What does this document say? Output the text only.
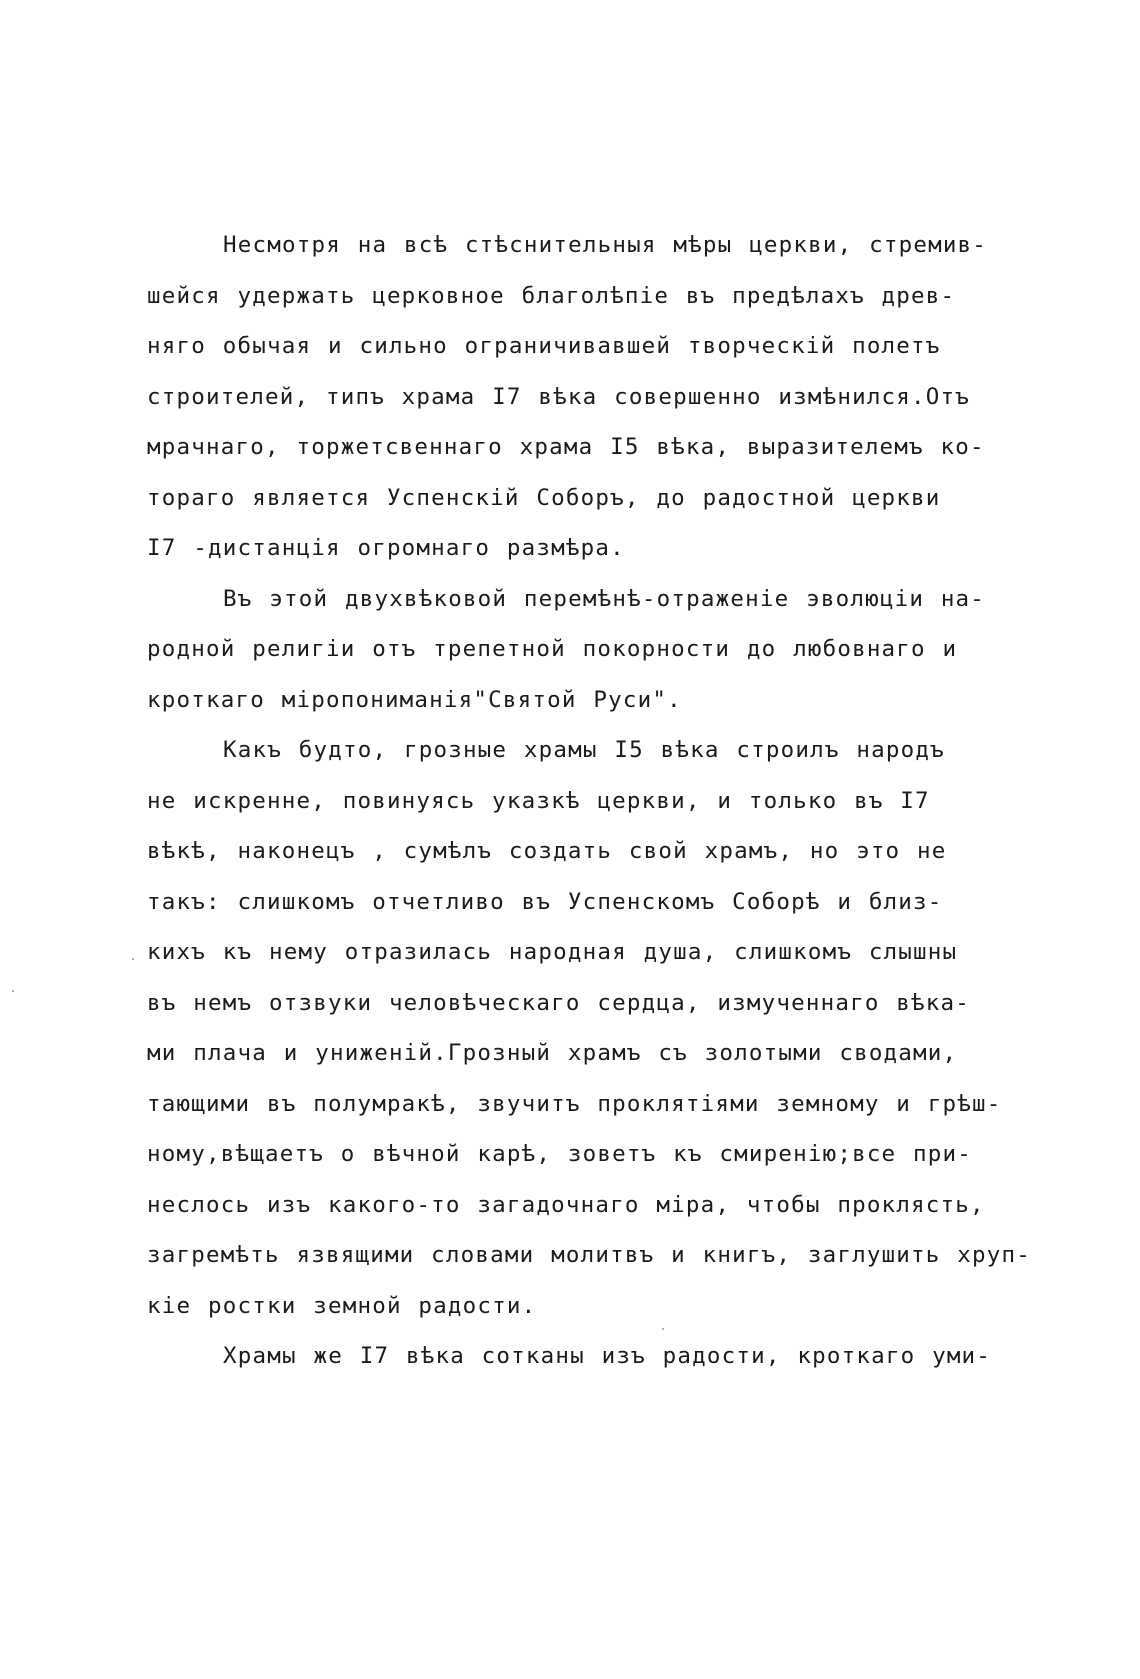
Несмотря на всѣ стѣснительныя мѣры церкви, стремив-
шейся удержать церковное благолѣпіе въ предѣлахъ древ-
няго обычая и сильно ограничивавшей творческій полетъ
строителей, типъ храма I7 вѣка совершенно измѣнился.Отъ
мрачнаго, торжетсвеннаго храма I5 вѣка, выразителемъ ко-
тораго является Успенскій Соборъ, до радостной церкви
I7 -дистанція огромнаго размѣра.
Въ этой двухвѣковой перемѣнѣ-отраженіе эволюціи на-
родной религіи отъ трепетной покорности до любовнаго и
кроткаго міропониманія"Святой Руси".
Какъ будто, грозные храмы I5 вѣка строилъ народъ
не искренне, повинуясь указкѣ церкви, и только въ I7
вѣкѣ, наконецъ , сумѣлъ создать свой храмъ, но это не
такъ: слишкомъ отчетливо въ Успенскомъ Соборѣ и близ-
кихъ къ нему отразилась народная душа, слишкомъ слышны
въ немъ отзвуки человѣческаго сердца, измученнаго вѣка-
ми плача и униженій.Грозный храмъ съ золотыми сводами,
тающими въ полумракѣ, звучитъ проклятіями земному и грѣш-
ному,вѣщаетъ о вѣчной карѣ, зоветъ къ смиренію;все при-
неслось изъ какого-то загадочнаго міра, чтобы проклясть,
загремѣть язвящими словами молитвъ и книгъ, заглушить хруп-
кіе ростки земной радости.
Храмы же I7 вѣка сотканы изъ радости, кроткаго уми-
